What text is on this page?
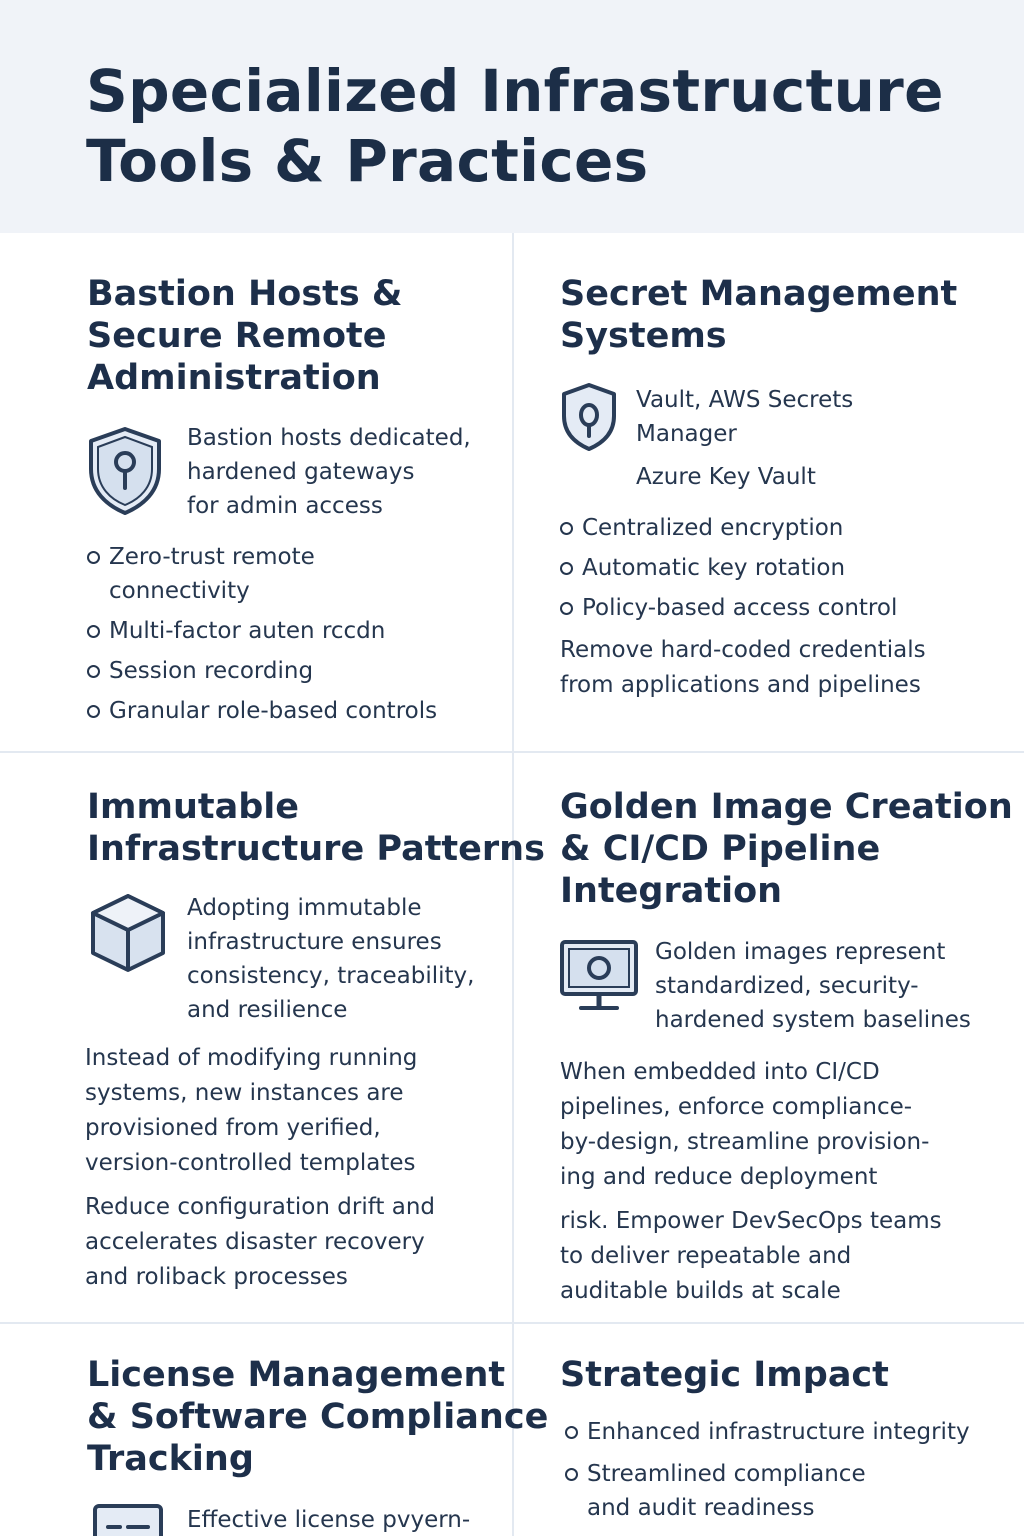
Specialized Infrastructure
Tools & Practices
Bastion Hosts &
Secure Remote
Administration
Bastion hosts dedicated,
hardened gateways
for admin access
Zero-trust remote
connectivity
Multi-factor auten rccdn
Session recording
Granular role-based controls
Secret Management
Systems
Vault, AWS Secrets
Manager
Azure Key Vault
Centralized encryption
Automatic key rotation
Policy-based access control
Remove hard-coded credentials
from applications and pipelines
Immutable
Infrastructure Patterns
Adopting immutable
infrastructure ensures
consistency, traceability,
and resilience
Instead of modifying running
systems, new instances are
provisioned from yerified,
version-controlled templates
Reduce configuration drift and
accelerates disaster recovery
and roliback processes
Golden Image Creation
& CI/CD Pipeline
Integration
Golden images represent
standardized, security-
hardened system baselines
When embedded into CI/CD
pipelines, enforce compliance-
by-design, streamline provision-
ing and reduce deployment
risk. Empower DevSecOps teams
to deliver repeatable and
auditable builds at scale
License Management
& Software Compliance
Tracking
Effective license pvyern-
Strategic Impact
Enhanced infrastructure integrity
Streamlined compliance
and audit readiness
